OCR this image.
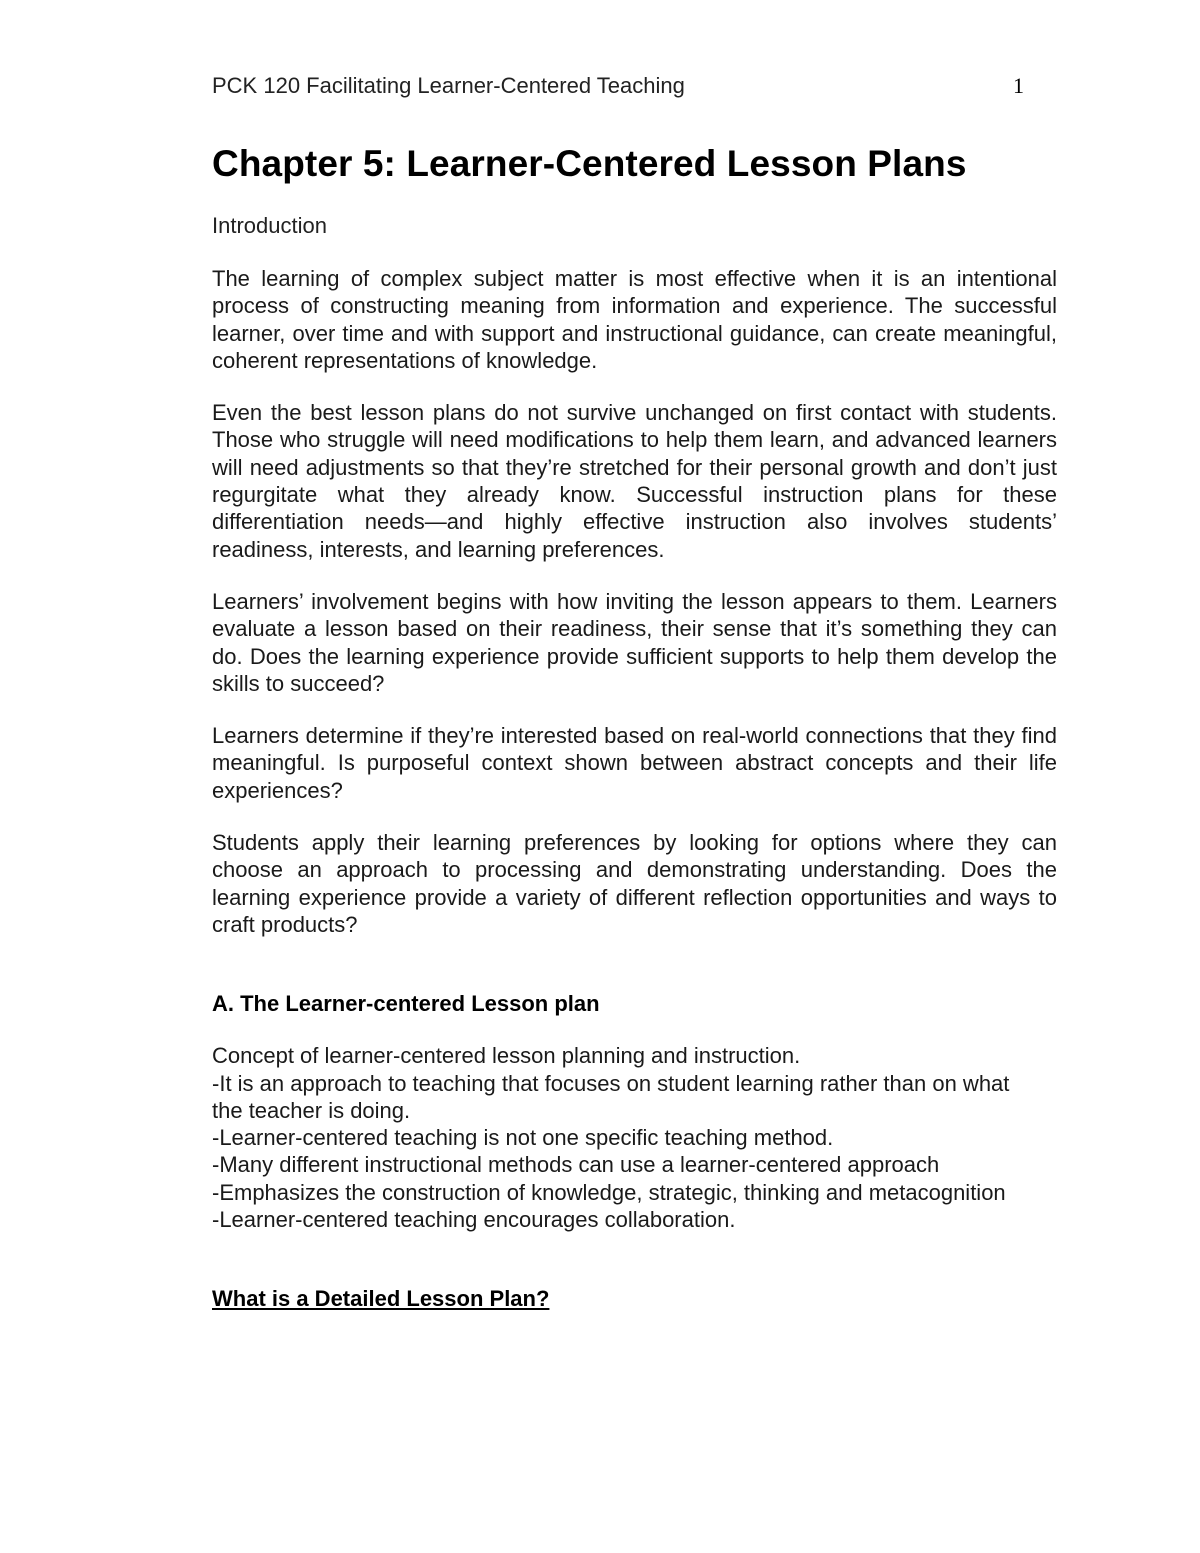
PCK 120 Facilitating Learner-Centered Teaching	1
Chapter 5: Learner-Centered Lesson Plans

Introduction

The learning of complex subject matter is most effective when it is an intentional process of constructing meaning from information and experience. The successful learner, over time and with support and instructional guidance, can create meaningful, coherent representations of knowledge.

Even the best lesson plans do not survive unchanged on first contact with students. Those who struggle will need modifications to help them learn, and advanced learners will need adjustments so that they’re stretched for their personal growth and don’t just regurgitate what they already know. Successful instruction plans for these differentiation needs—and highly effective instruction also involves students’ readiness, interests, and learning preferences.

Learners’ involvement begins with how inviting the lesson appears to them. Learners evaluate a lesson based on their readiness, their sense that it’s something they can do. Does the learning experience provide sufficient supports to help them develop the skills to succeed?

Learners determine if they’re interested based on real-world connections that they find meaningful. Is purposeful context shown between abstract concepts and their life experiences?

Students apply their learning preferences by looking for options where they can choose an approach to processing and demonstrating understanding. Does the learning experience provide a variety of different reflection opportunities and ways to craft products?

A. The Learner-centered Lesson plan

Concept of learner-centered lesson planning and instruction.

-It is an approach to teaching that focuses on student learning rather than on what the teacher is doing.
-Learner-centered teaching is not one specific teaching method.
-Many different instructional methods can use a learner-centered approach
-Emphasizes the construction of knowledge, strategic, thinking and metacognition
-Learner-centered teaching encourages collaboration.
What is a Detailed Lesson Plan?
